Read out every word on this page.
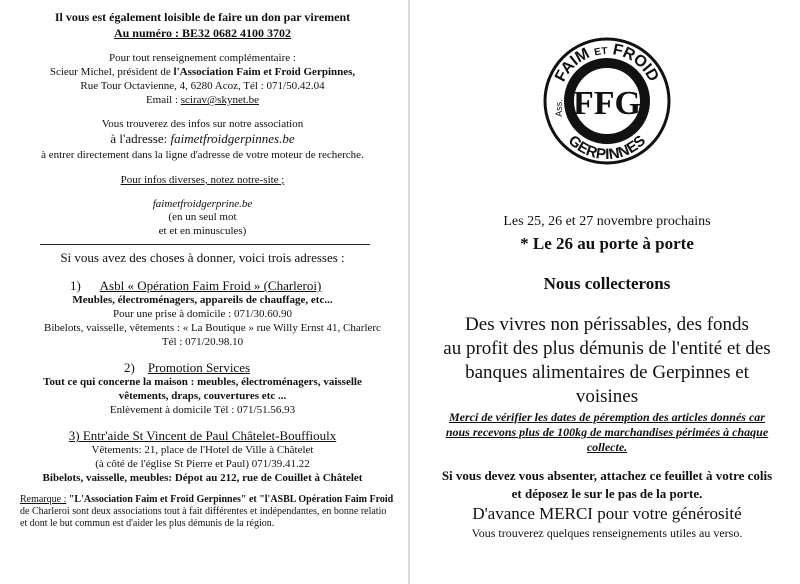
Il vous est également loisible de faire un don par virement
Au numéro : BE32 0682 4100 3702
Pour tout renseignement complémentaire :
Scieur Michel, président de l'Association Faim et Froid Gerpinnes,
Rue Tour Octavienne, 4, 6280 Acoz, Tél : 071/50.42.04
Email : scirav@skynet.be
Vous trouverez des infos sur notre association
à l'adresse: faimetfroidgerpinnes.be
à entrer directement dans la ligne d'adresse de votre moteur de recherche.
Pour infos diverses, notez notre-site ;
faimetfroidgerprine.be
(en un seul mot
et et en minuscules)
Si vous avez des choses à donner, voici trois adresses :
1) Asbl « Opération Faim Froid » (Charleroi)
Meubles, électroménagers, appareils de chauffage, etc...
Pour une prise à domicile : 071/30.60.90
Bibelots, vaisselle, vêtements : « La Boutique » rue Willy Ernst 41, Charlerc
Tél : 071/20.98.10
2) Promotion Services
Tout ce qui concerne la maison : meubles, électroménagers, vaisselle
vêtements, draps, couvertures etc ...
Enlèvement à domicile Tél : 071/51.56.93
3) Entr'aide St Vincent de Paul Châtelet-Bouffioulx
Vêtements: 21, place de l'Hotel de Ville à Châtelet
(à côté de l'église St Pierre et Paul) 071/39.41.22
Bibelots, vaisselle, meubles: Dépot au 212, rue de Couillet à Châtelet
Remarque : "L'Association Faim et Froid Gerpinnes" et "l'ASBL Opération Faim Froid
de Charleroi sont deux associations tout à fait différentes et indépendantes, en bonne relatio
et dont le but commun est d'aider les plus démunis de la région.
FAIM ET FROID
GERPINNES
Ass. FFG
Les 25, 26 et 27 novembre prochains
* Le 26 au porte à porte
Nous collecterons
Des vivres non périssables, des fonds
au profit des plus démunis de l'entité et des
banques alimentaires de Gerpinnes et
voisines
Merci de vérifier les dates de péremption des articles donnés car
nous recevons plus de 100kg de marchandises périmées à chaque
collecte.
Si vous devez vous absenter, attachez ce feuillet à votre colis
et déposez le sur le pas de la porte.
D'avance MERCI pour votre générosité
Vous trouverez quelques renseignements utiles au verso.
